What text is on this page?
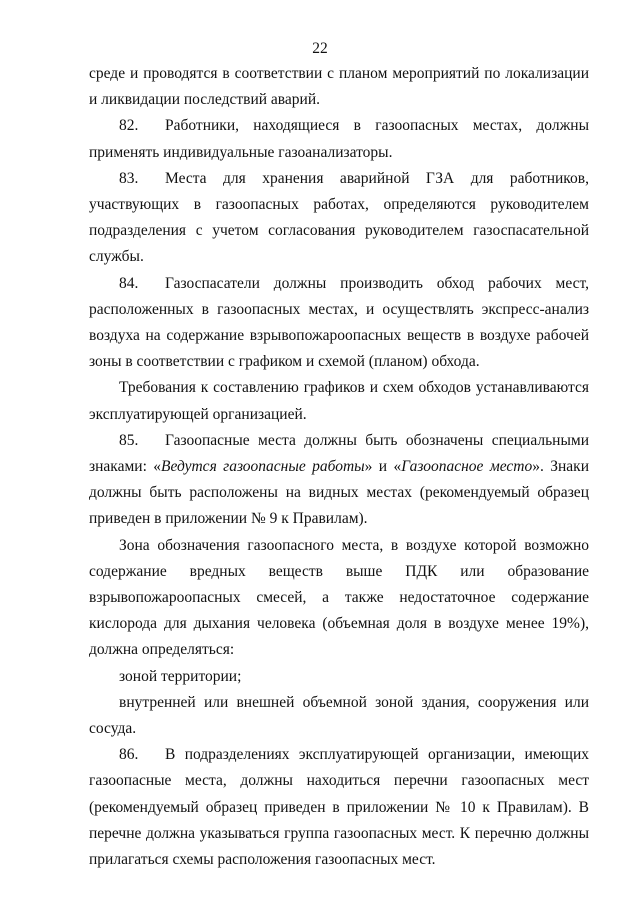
22

среде и проводятся в соответствии с планом мероприятий по локализации и ликвидации последствий аварий.

82. Работники, находящиеся в газоопасных местах, должны применять индивидуальные газоанализаторы.

83. Места для хранения аварийной ГЗА для работников, участвующих в газоопасных работах, определяются руководителем подразделения с учетом согласования руководителем газоспасательной службы.

84. Газоспасатели должны производить обход рабочих мест, расположенных в газоопасных местах, и осуществлять экспресс-анализ воздуха на содержание взрывопожароопасных веществ в воздухе рабочей зоны в соответствии с графиком и схемой (планом) обхода.

Требования к составлению графиков и схем обходов устанавливаются эксплуатирующей организацией.

85. Газоопасные места должны быть обозначены специальными знаками: «Ведутся газоопасные работы» и «Газоопасное место». Знаки должны быть расположены на видных местах (рекомендуемый образец приведен в приложении № 9 к Правилам).

Зона обозначения газоопасного места, в воздухе которой возможно содержание вредных веществ выше ПДК или образование взрывопожароопасных смесей, а также недостаточное содержание кислорода для дыхания человека (объемная доля в воздухе менее 19%), должна определяться:

зоной территории;

внутренней или внешней объемной зоной здания, сооружения или сосуда.

86. В подразделениях эксплуатирующей организации, имеющих газоопасные места, должны находиться перечни газоопасных мест (рекомендуемый образец приведен в приложении № 10 к Правилам). В перечне должна указываться группа газоопасных мест. К перечню должны прилагаться схемы расположения газоопасных мест.
